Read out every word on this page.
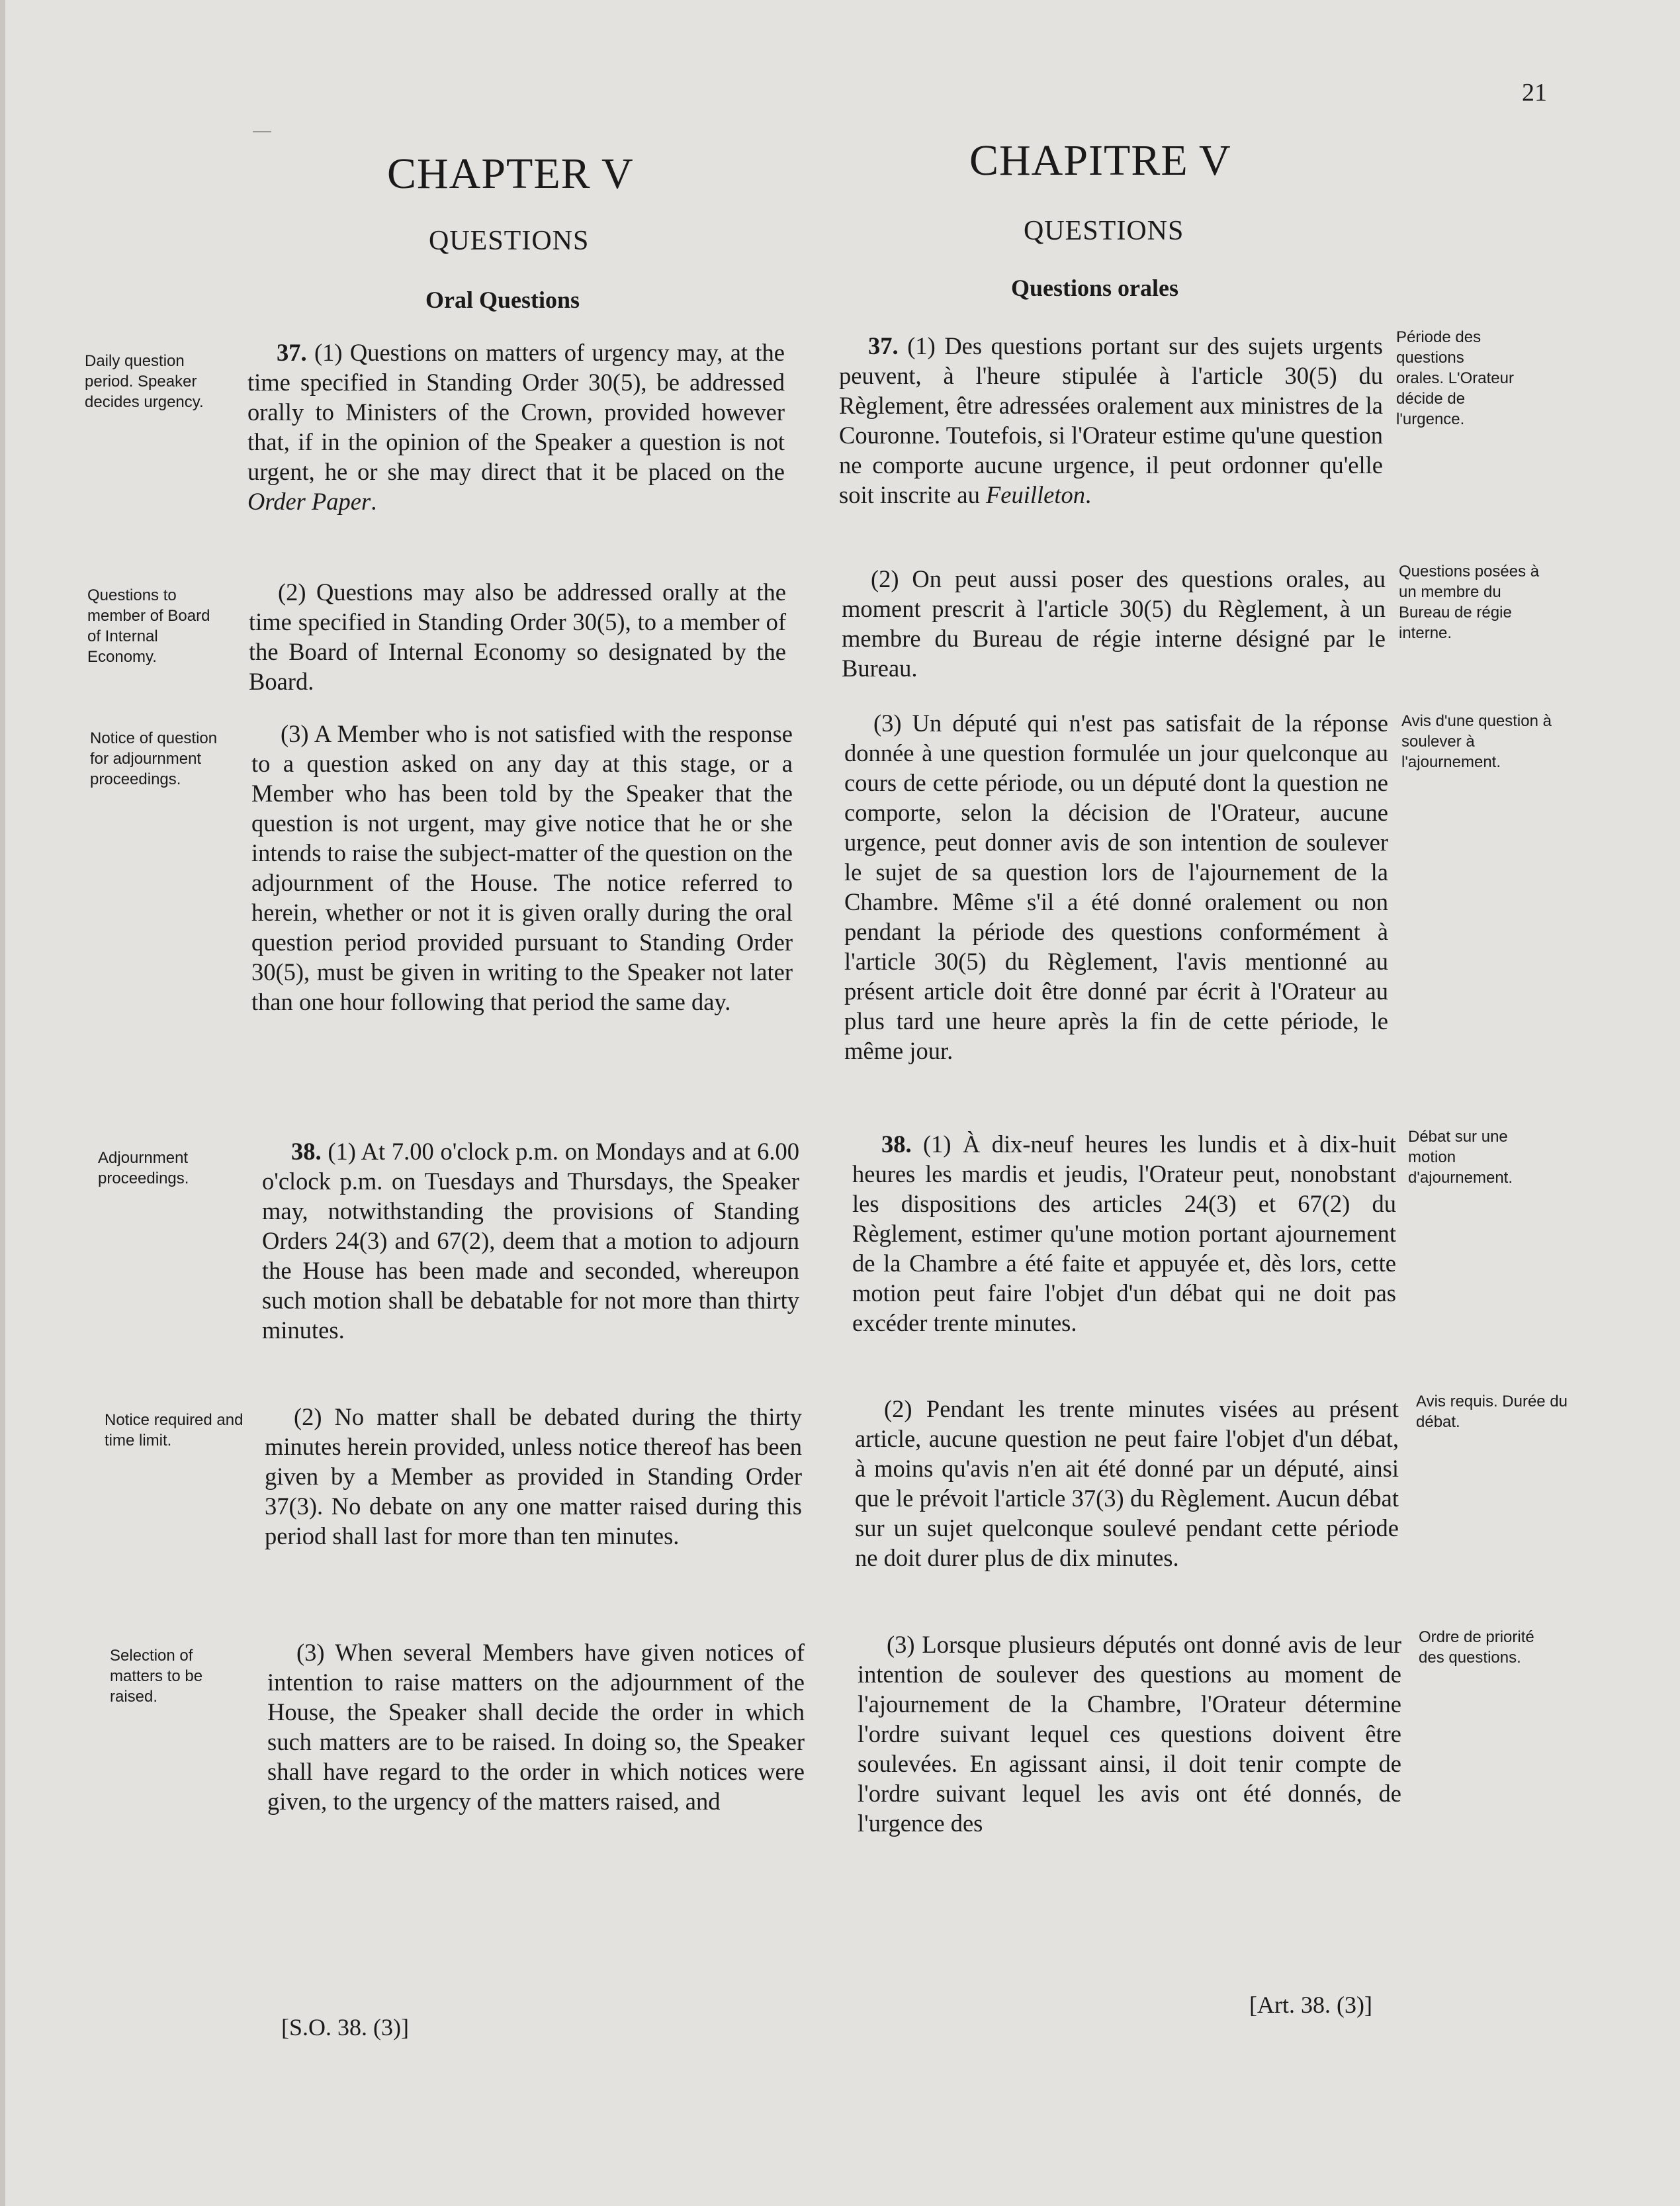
21
CHAPTER V
QUESTIONS
Oral Questions
CHAPITRE V
QUESTIONS
Questions orales

37. (1) Questions on matters of urgency may, at the time specified in Standing Order 30(5), be addressed orally to Ministers of the Crown, provided however that, if in the opinion of the Speaker a question is not urgent, he or she may direct that it be placed on the Order Paper.

(2) Questions may also be addressed orally at the time specified in Standing Order 30(5), to a member of the Board of Internal Economy so designated by the Board.

(3) A Member who is not satisfied with the response to a question asked on any day at this stage, or a Member who has been told by the Speaker that the question is not urgent, may give notice that he or she intends to raise the subject-matter of the question on the adjournment of the House. The notice referred to herein, whether or not it is given orally during the oral question period provided pursuant to Standing Order 30(5), must be given in writing to the Speaker not later than one hour following that period the same day.

38. (1) At 7.00 o'clock p.m. on Mondays and at 6.00 o'clock p.m. on Tuesdays and Thursdays, the Speaker may, notwithstanding the provisions of Standing Orders 24(3) and 67(2), deem that a motion to adjourn the House has been made and seconded, whereupon such motion shall be debatable for not more than thirty minutes.

(2) No matter shall be debated during the thirty minutes herein provided, unless notice thereof has been given by a Member as provided in Standing Order 37(3). No debate on any one matter raised during this period shall last for more than ten minutes.

(3) When several Members have given notices of intention to raise matters on the adjournment of the House, the Speaker shall decide the order in which such matters are to be raised. In doing so, the Speaker shall have regard to the order in which notices were given, to the urgency of the matters raised, and

37. (1) Des questions portant sur des sujets urgents peuvent, à l'heure stipulée à l'article 30(5) du Règlement, être adressées oralement aux ministres de la Couronne. Toutefois, si l'Orateur estime qu'une question ne comporte aucune urgence, il peut ordonner qu'elle soit inscrite au Feuilleton.

(2) On peut aussi poser des questions orales, au moment prescrit à l'article 30(5) du Règlement, à un membre du Bureau de régie interne désigné par le Bureau.

(3) Un député qui n'est pas satisfait de la réponse donnée à une question formulée un jour quelconque au cours de cette période, ou un député dont la question ne comporte, selon la décision de l'Orateur, aucune urgence, peut donner avis de son intention de soulever le sujet de sa question lors de l'ajournement de la Chambre. Même s'il a été donné oralement ou non pendant la période des questions conformément à l'article 30(5) du Règlement, l'avis mentionné au présent article doit être donné par écrit à l'Orateur au plus tard une heure après la fin de cette période, le même jour.

38. (1) À dix-neuf heures les lundis et à dix-huit heures les mardis et jeudis, l'Orateur peut, nonobstant les dispositions des articles 24(3) et 67(2) du Règlement, estimer qu'une motion portant ajournement de la Chambre a été faite et appuyée et, dès lors, cette motion peut faire l'objet d'un débat qui ne doit pas excéder trente minutes.

(2) Pendant les trente minutes visées au présent article, aucune question ne peut faire l'objet d'un débat, à moins qu'avis n'en ait été donné par un député, ainsi que le prévoit l'article 37(3) du Règlement. Aucun débat sur un sujet quelconque soulevé pendant cette période ne doit durer plus de dix minutes.

(3) Lorsque plusieurs députés ont donné avis de leur intention de soulever des questions au moment de l'ajournement de la Chambre, l'Orateur détermine l'ordre suivant lequel ces questions doivent être soulevées. En agissant ainsi, il doit tenir compte de l'ordre suivant lequel les avis ont été donnés, de l'urgence des

Daily question period. Speaker decides urgency.

Questions to member of Board of Internal Economy.

Notice of question for adjournment proceedings.

Adjournment proceedings.

Notice required and time limit.

Selection of matters to be raised.

Période des questions orales. L'Orateur décide de l'urgence.

Questions posées à un membre du Bureau de régie interne.

Avis d'une question à soulever à l'ajournement.

Débat sur une motion d'ajournement.

Avis requis. Durée du débat.

Ordre de priorité des questions.

[S.O. 38. (3)]
[Art. 38. (3)]
